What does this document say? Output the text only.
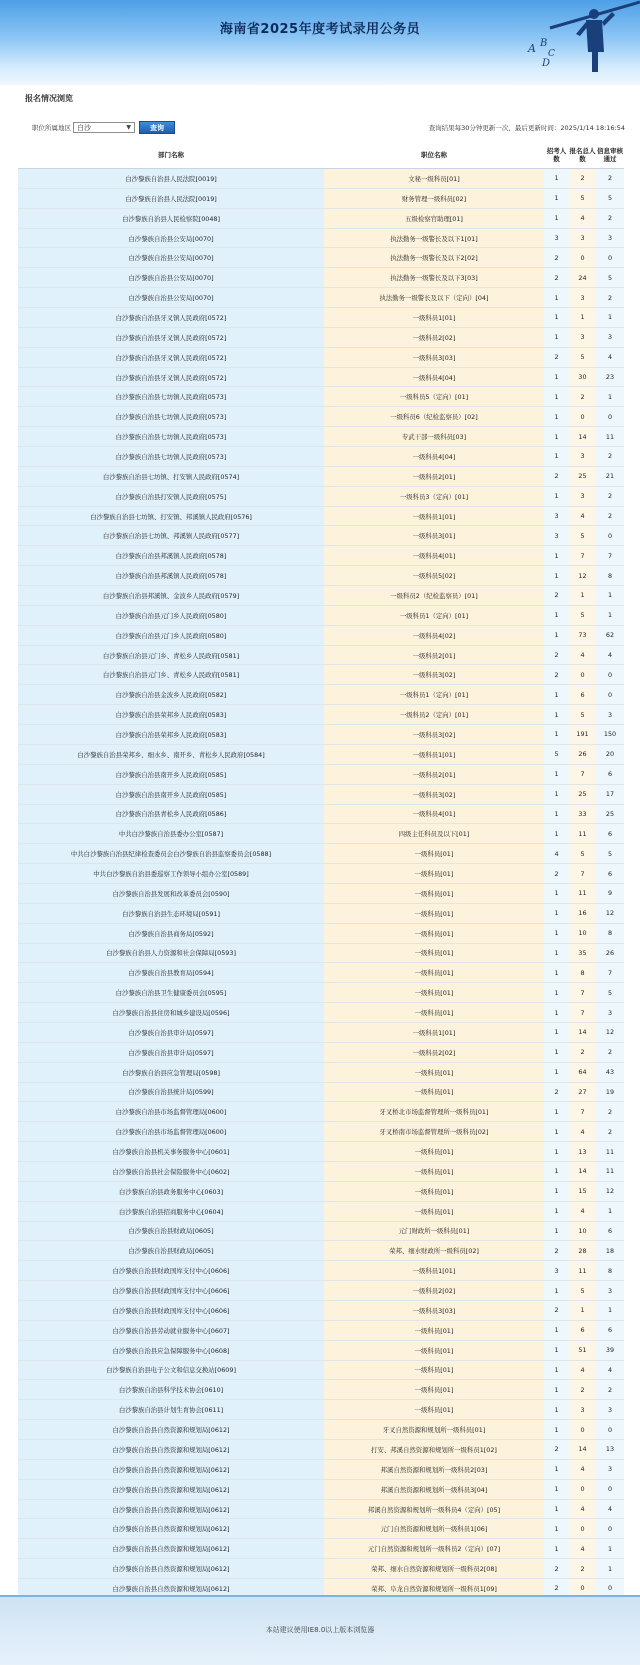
海南省2025年度考试录用公务员
A B
C
D
报名情况浏览
职位所属地区 白沙	▼	查询	查询结果每30分钟更新一次，最后更新时间：2025/1/14 18:16:54
部门名称	职位名称	招考人数	报名总人数	信息审核通过
白沙黎族自治县人民法院[0019]	文秘一级科员[01]	1	2	2
白沙黎族自治县人民法院[0019]	财务管理一级科员[02]	1	5	5
白沙黎族自治县人民检察院[0048]	五级检察官助理[01]	1	4	2
白沙黎族自治县公安局[0070]	执法勤务一级警长及以下1[01]	3	3	3
白沙黎族自治县公安局[0070]	执法勤务一级警长及以下2[02]	2	0	0
白沙黎族自治县公安局[0070]	执法勤务一级警长及以下3[03]	2	24	5
白沙黎族自治县公安局[0070]	执法勤务一级警长及以下（定向）[04]	1	3	2
白沙黎族自治县牙叉镇人民政府[0572]	一级科员1[01]	1	1	1
白沙黎族自治县牙叉镇人民政府[0572]	一级科员2[02]	1	3	3
白沙黎族自治县牙叉镇人民政府[0572]	一级科员3[03]	2	5	4
白沙黎族自治县牙叉镇人民政府[0572]	一级科员4[04]	1	30	23
白沙黎族自治县七坊镇人民政府[0573]	一级科员5（定向）[01]	1	2	1
白沙黎族自治县七坊镇人民政府[0573]	一级科员6（纪检监察员）[02]	1	0	0
白沙黎族自治县七坊镇人民政府[0573]	专武干部一级科员[03]	1	14	11
白沙黎族自治县七坊镇人民政府[0573]	一级科员4[04]	1	3	2
白沙黎族自治县七坊镇、打安镇人民政府[0574]	一级科员2[01]	2	25	21
白沙黎族自治县打安镇人民政府[0575]	一级科员3（定向）[01]	1	3	2
白沙黎族自治县七坊镇、打安镇、邦溪镇人民政府[0576]	一级科员1[01]	3	4	2
白沙黎族自治县七坊镇、邦溪镇人民政府[0577]	一级科员3[01]	3	5	0
白沙黎族自治县邦溪镇人民政府[0578]	一级科员4[01]	1	7	7
白沙黎族自治县邦溪镇人民政府[0578]	一级科员5[02]	1	12	8
白沙黎族自治县邦溪镇、金波乡人民政府[0579]	一级科员2（纪检监察员）[01]	2	1	1
白沙黎族自治县元门乡人民政府[0580]	一级科员1（定向）[01]	1	5	1
白沙黎族自治县元门乡人民政府[0580]	一级科员4[02]	1	73	62
白沙黎族自治县元门乡、青松乡人民政府[0581]	一级科员2[01]	2	4	4
白沙黎族自治县元门乡、青松乡人民政府[0581]	一级科员3[02]	2	0	0
白沙黎族自治县金波乡人民政府[0582]	一级科员1（定向）[01]	1	6	0
白沙黎族自治县荣邦乡人民政府[0583]	一级科员2（定向）[01]	1	5	3
白沙黎族自治县荣邦乡人民政府[0583]	一级科员3[02]	1	191	150
白沙黎族自治县荣邦乡、细水乡、南开乡、青松乡人民政府[0584]	一级科员1[01]	5	26	20
白沙黎族自治县南开乡人民政府[0585]	一级科员2[01]	1	7	6
白沙黎族自治县南开乡人民政府[0585]	一级科员3[02]	1	25	17
白沙黎族自治县青松乡人民政府[0586]	一级科员4[01]	1	33	25
中共白沙黎族自治县委办公室[0587]	四级主任科员及以下[01]	1	11	6
中共白沙黎族自治县纪律检查委员会白沙黎族自治县监察委员会[0588]	一级科员[01]	4	5	5
中共白沙黎族自治县委巡察工作领导小组办公室[0589]	一级科员[01]	2	7	6
白沙黎族自治县发展和改革委员会[0590]	一级科员[01]	1	11	9
白沙黎族自治县生态环境局[0591]	一级科员[01]	1	16	12
白沙黎族自治县商务局[0592]	一级科员[01]	1	10	8
白沙黎族自治县人力资源和社会保障局[0593]	一级科员[01]	1	35	26
白沙黎族自治县教育局[0594]	一级科员[01]	1	8	7
白沙黎族自治县卫生健康委员会[0595]	一级科员[01]	1	7	5
白沙黎族自治县住房和城乡建设局[0596]	一级科员[01]	1	7	3
白沙黎族自治县审计局[0597]	一级科员1[01]	1	14	12
白沙黎族自治县审计局[0597]	一级科员2[02]	1	2	2
白沙黎族自治县应急管理局[0598]	一级科员[01]	1	64	43
白沙黎族自治县统计局[0599]	一级科员[01]	2	27	19
白沙黎族自治县市场监督管理局[0600]	牙叉桥北市场监督管理所一级科员[01]	1	7	2
白沙黎族自治县市场监督管理局[0600]	牙叉桥南市场监督管理所一级科员[02]	1	4	2
白沙黎族自治县机关事务服务中心[0601]	一级科员[01]	1	13	11
白沙黎族自治县社会保险服务中心[0602]	一级科员[01]	1	14	11
白沙黎族自治县政务服务中心[0603]	一级科员[01]	1	15	12
白沙黎族自治县招商服务中心[0604]	一级科员[01]	1	4	1
白沙黎族自治县财政局[0605]	元门财政所一级科员[01]	1	10	6
白沙黎族自治县财政局[0605]	荣邦、细水财政所一级科员[02]	2	28	18
白沙黎族自治县财政国库支付中心[0606]	一级科员1[01]	3	11	8
白沙黎族自治县财政国库支付中心[0606]	一级科员2[02]	1	5	3
白沙黎族自治县财政国库支付中心[0606]	一级科员3[03]	2	1	1
白沙黎族自治县劳动就业服务中心[0607]	一级科员[01]	1	6	6
白沙黎族自治县应急保障服务中心[0608]	一级科员[01]	1	51	39
白沙黎族自治县电子公文和信息交换站[0609]	一级科员[01]	1	4	4
白沙黎族自治县科学技术协会[0610]	一级科员[01]	1	2	2
白沙黎族自治县计划生育协会[0611]	一级科员[01]	1	3	3
白沙黎族自治县自然资源和规划局[0612]	牙叉自然资源和规划所一级科员[01]	1	0	0
白沙黎族自治县自然资源和规划局[0612]	打安、邦溪自然资源和规划所一级科员1[02]	2	14	13
白沙黎族自治县自然资源和规划局[0612]	邦溪自然资源和规划所一级科员2[03]	1	4	3
白沙黎族自治县自然资源和规划局[0612]	邦溪自然资源和规划所一级科员3[04]	1	0	0
白沙黎族自治县自然资源和规划局[0612]	邦溪自然资源和规划所一级科员4（定向）[05]	1	4	4
白沙黎族自治县自然资源和规划局[0612]	元门自然资源和规划所一级科员1[06]	1	0	0
白沙黎族自治县自然资源和规划局[0612]	元门自然资源和规划所一级科员2（定向）[07]	1	4	1
白沙黎族自治县自然资源和规划局[0612]	荣邦、细水自然资源和规划所一级科员2[08]	2	2	1
白沙黎族自治县自然资源和规划局[0612]	荣邦、阜龙自然资源和规划所一级科员1[09]	2	0	0

本站建议使用IE8.0以上版本浏览器
